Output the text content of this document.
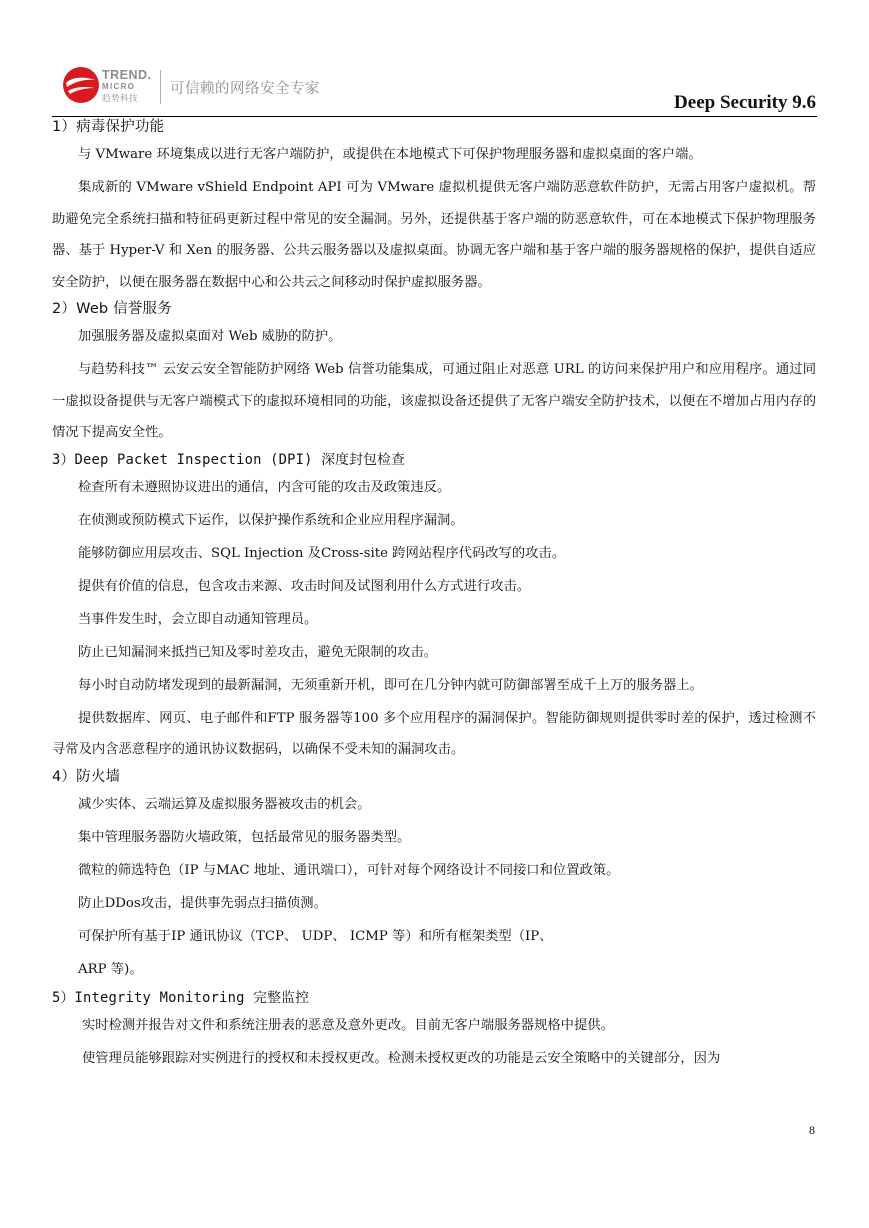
TREND.
MICRO
趋势科技
可信赖的网络安全专家
Deep Security 9.6
1）病毒保护功能
与 VMware 环境集成以进行无客户端防护，或提供在本地模式下可保护物理服务器和虚拟桌面的客户端。
集成新的 VMware vShield Endpoint API 可为 VMware 虚拟机提供无客户端防恶意软件防护，无需占用客户虚拟机。帮助避免完全系统扫描和特征码更新过程中常见的安全漏洞。另外，还提供基于客户端的防恶意软件，可在本地模式下保护物理服务器、基于 Hyper-V 和 Xen 的服务器、公共云服务器以及虚拟桌面。协调无客户端和基于客户端的服务器规格的保护，提供自适应安全防护，以便在服务器在数据中心和公共云之间移动时保护虚拟服务器。
2）Web 信誉服务
加强服务器及虚拟桌面对 Web 威胁的防护。
与趋势科技™ 云安云安全智能防护网络 Web 信誉功能集成，可通过阻止对恶意 URL 的访问来保护用户和应用程序。通过同一虚拟设备提供与无客户端模式下的虚拟环境相同的功能，该虚拟设备还提供了无客户端安全防护技术，以便在不增加占用内存的情况下提高安全性。
3）Deep Packet Inspection (DPI) 深度封包检查
检查所有未遵照协议进出的通信，内含可能的攻击及政策违反。
在侦测或预防模式下运作，以保护操作系统和企业应用程序漏洞。
能够防御应用层攻击、SQL Injection 及Cross-site 跨网站程序代码改写的攻击。
提供有价值的信息，包含攻击来源、攻击时间及试图利用什么方式进行攻击。
当事件发生时，会立即自动通知管理员。
防止已知漏洞来抵挡已知及零时差攻击，避免无限制的攻击。
每小时自动防堵发现到的最新漏洞，无须重新开机，即可在几分钟内就可防御部署至成千上万的服务器上。
提供数据库、网页、电子邮件和FTP 服务器等100 多个应用程序的漏洞保护。智能防御规则提供零时差的保护，透过检测不寻常及内含恶意程序的通讯协议数据码，以确保不受未知的漏洞攻击。
4）防火墙
减少实体、云端运算及虚拟服务器被攻击的机会。
集中管理服务器防火墙政策，包括最常见的服务器类型。
微粒的筛选特色（IP 与MAC 地址、通讯端口），可针对每个网络设计不同接口和位置政策。
防止DDos攻击，提供事先弱点扫描侦测。
可保护所有基于IP 通讯协议（TCP、 UDP、 ICMP 等）和所有框架类型（IP、
ARP 等)。
5）Integrity Monitoring 完整监控
实时检测并报告对文件和系统注册表的恶意及意外更改。目前无客户端服务器规格中提供。
使管理员能够跟踪对实例进行的授权和未授权更改。检测未授权更改的功能是云安全策略中的关键部分，因为
8
